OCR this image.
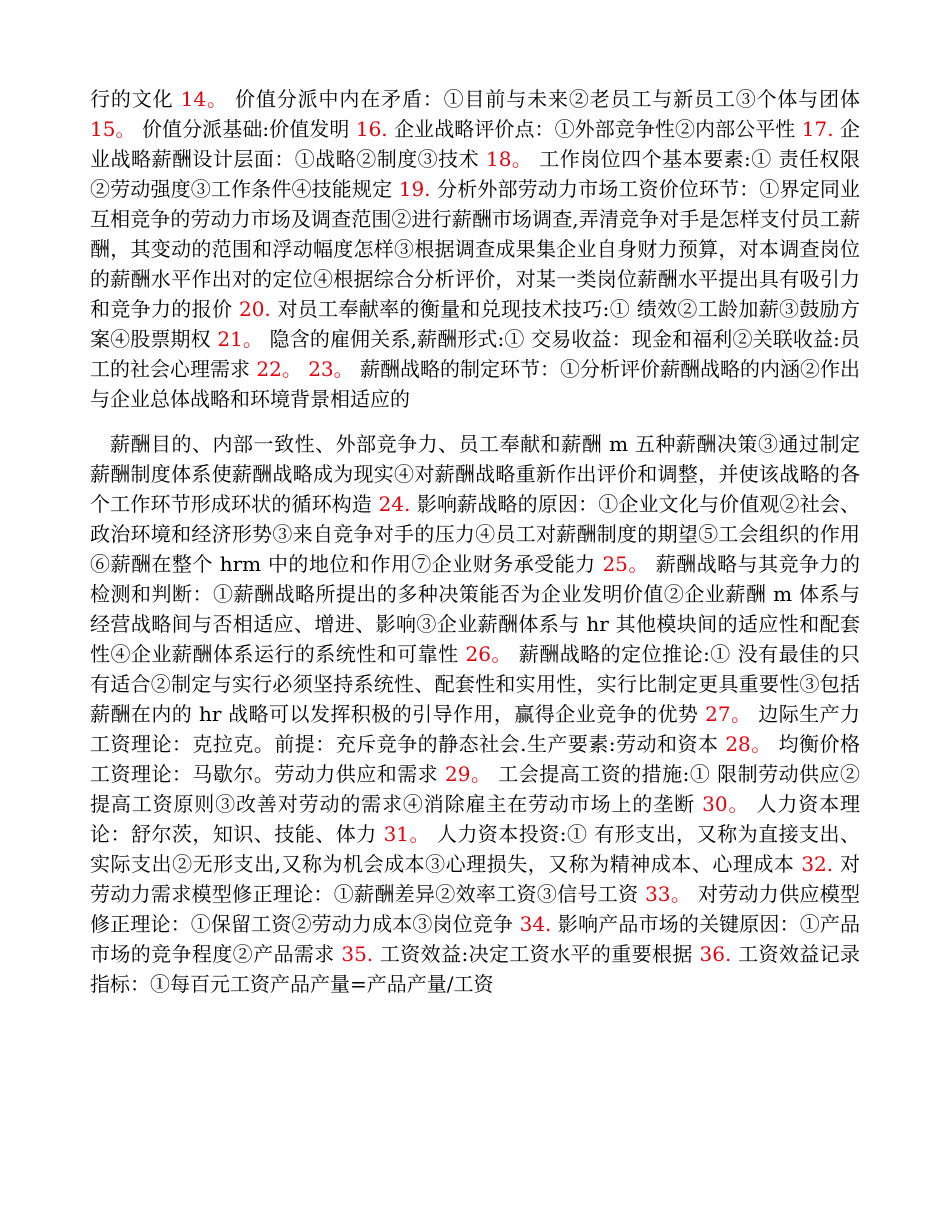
行的文化 14。 价值分派中内在矛盾：①目前与未来②老员工与新员工③个体与团体 15。 价值分派基础:价值发明 16. 企业战略评价点：①外部竞争性②内部公平性 17. 企业战略薪酬设计层面：①战略②制度③技术 18。 工作岗位四个基本要素:① 责任权限②劳动强度③工作条件④技能规定 19. 分析外部劳动力市场工资价位环节：①界定同业互相竞争的劳动力市场及调查范围②进行薪酬市场调查,弄清竞争对手是怎样支付员工薪酬，其变动的范围和浮动幅度怎样③根据调查成果集企业自身财力预算，对本调查岗位的薪酬水平作出对的定位④根据综合分析评价，对某一类岗位薪酬水平提出具有吸引力和竞争力的报价 20. 对员工奉献率的衡量和兑现技术技巧:① 绩效②工龄加薪③鼓励方案④股票期权 21。 隐含的雇佣关系,薪酬形式:① 交易收益：现金和福利②关联收益:员工的社会心理需求 22。 23。 薪酬战略的制定环节：①分析评价薪酬战略的内涵②作出与企业总体战略和环境背景相适应的

薪酬目的、内部一致性、外部竞争力、员工奉献和薪酬 m 五种薪酬决策③通过制定薪酬制度体系使薪酬战略成为现实④对薪酬战略重新作出评价和调整，并使该战略的各个工作环节形成环状的循环构造 24. 影响薪战略的原因：①企业文化与价值观②社会、政治环境和经济形势③来自竞争对手的压力④员工对薪酬制度的期望⑤工会组织的作用⑥薪酬在整个 hrm 中的地位和作用⑦企业财务承受能力 25。 薪酬战略与其竞争力的检测和判断：①薪酬战略所提出的多种决策能否为企业发明价值②企业薪酬 m 体系与经营战略间与否相适应、增进、影响③企业薪酬体系与 hr 其他模块间的适应性和配套性④企业薪酬体系运行的系统性和可靠性 26。 薪酬战略的定位推论:① 没有最佳的只有适合②制定与实行必须坚持系统性、配套性和实用性，实行比制定更具重要性③包括薪酬在内的 hr 战略可以发挥积极的引导作用，赢得企业竞争的优势 27。 边际生产力工资理论：克拉克。前提：充斥竞争的静态社会.生产要素:劳动和资本 28。 均衡价格工资理论：马歇尔。劳动力供应和需求 29。 工会提高工资的措施:① 限制劳动供应②提高工资原则③改善对劳动的需求④消除雇主在劳动市场上的垄断 30。 人力资本理论：舒尔茨，知识、技能、体力 31。 人力资本投资:① 有形支出，又称为直接支出、实际支出②无形支出,又称为机会成本③心理损失，又称为精神成本、心理成本 32. 对劳动力需求模型修正理论：①薪酬差异②效率工资③信号工资 33。 对劳动力供应模型修正理论：①保留工资②劳动力成本③岗位竞争 34. 影响产品市场的关键原因：①产品市场的竞争程度②产品需求 35. 工资效益:决定工资水平的重要根据 36. 工资效益记录指标：①每百元工资产品产量=产品产量/工资
